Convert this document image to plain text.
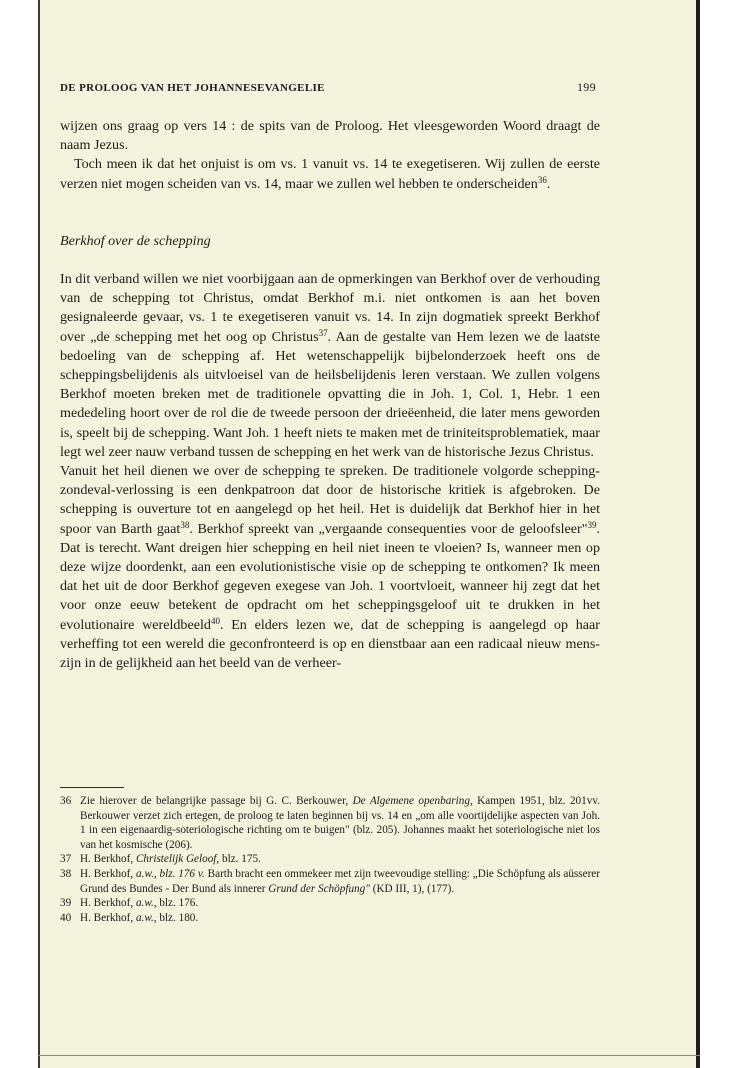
DE PROLOOG VAN HET JOHANNESEVANGELIE	199

wijzen ons graag op vers 14 : de spits van de Proloog. Het vleesgeworden Woord draagt de naam Jezus.

Toch meen ik dat het onjuist is om vs. 1 vanuit vs. 14 te exegetiseren. Wij zullen de eerste verzen niet mogen scheiden van vs. 14, maar we zullen wel hebben te onderscheiden$^{36}$.

Berkhof over de schepping

In dit verband willen we niet voorbijgaan aan de opmerkingen van Berkhof over de verhouding van de schepping tot Christus, omdat Berkhof m.i. niet ontkomen is aan het boven gesignaleerde gevaar, vs. 1 te exegetiseren vanuit vs. 14. In zijn dogmatiek spreekt Berkhof over „de schepping met het oog op Christus$^{37}$. Aan de gestalte van Hem lezen we de laatste bedoeling van de schepping af. Het wetenschappelijk bijbelonderzoek heeft ons de scheppingsbelijdenis als uitvloeisel van de heilsbelijdenis leren verstaan. We zullen volgens Berkhof moeten breken met de traditionele opvatting die in Joh. 1, Col. 1, Hebr. 1 een mededeling hoort over de rol die de tweede persoon der drieëenheid, die later mens geworden is, speelt bij de schepping. Want Joh. 1 heeft niets te maken met de triniteitsproblematiek, maar legt wel zeer nauw verband tussen de schepping en het werk van de historische Jezus Christus.

Vanuit het heil dienen we over de schepping te spreken. De traditionele volgorde schepping-zondeval-verlossing is een denkpatroon dat door de historische kritiek is afgebroken. De schepping is ouverture tot en aangelegd op het heil. Het is duidelijk dat Berkhof hier in het spoor van Barth gaat$^{38}$. Berkhof spreekt van „vergaande consequenties voor de geloofsleer"$^{39}$. Dat is terecht. Want dreigen hier schepping en heil niet ineen te vloeien? Is, wanneer men op deze wijze doordenkt, aan een evolutionistische visie op de schepping te ontkomen? Ik meen dat het uit de door Berkhof gegeven exegese van Joh. 1 voortvloeit, wanneer hij zegt dat het voor onze eeuw betekent de opdracht om het scheppingsgeloof uit te drukken in het evolutionaire wereldbeeld$^{40}$. En elders lezen we, dat de schepping is aangelegd op haar verheffing tot een wereld die geconfronteerd is op en dienstbaar aan een radicaal nieuw mens-zijn in de gelijkheid aan het beeld van de verheer-

36 Zie hierover de belangrijke passage bij G. C. Berkouwer, De Algemene openbaring, Kampen 1951, blz. 201vv. Berkouwer verzet zich ertegen, de proloog te laten beginnen bij vs. 14 en „om alle voortijdelijke aspecten van Joh. 1 in een eigenaardig-soteriologische richting om te buigen" (blz. 205). Johannes maakt het soteriologische niet los van het kosmische (206).
37 H. Berkhof, Christelijk Geloof, blz. 175.
38 H. Berkhof, a.w., blz. 176 v. Barth bracht een ommekeer met zijn tweevoudige stelling: „Die Schöpfung als aüsserer Grund des Bundes - Der Bund als innerer Grund der Schöpfung" (KD III, 1), (177).
39 H. Berkhof, a.w., blz. 176.
40 H. Berkhof, a.w., blz. 180.
